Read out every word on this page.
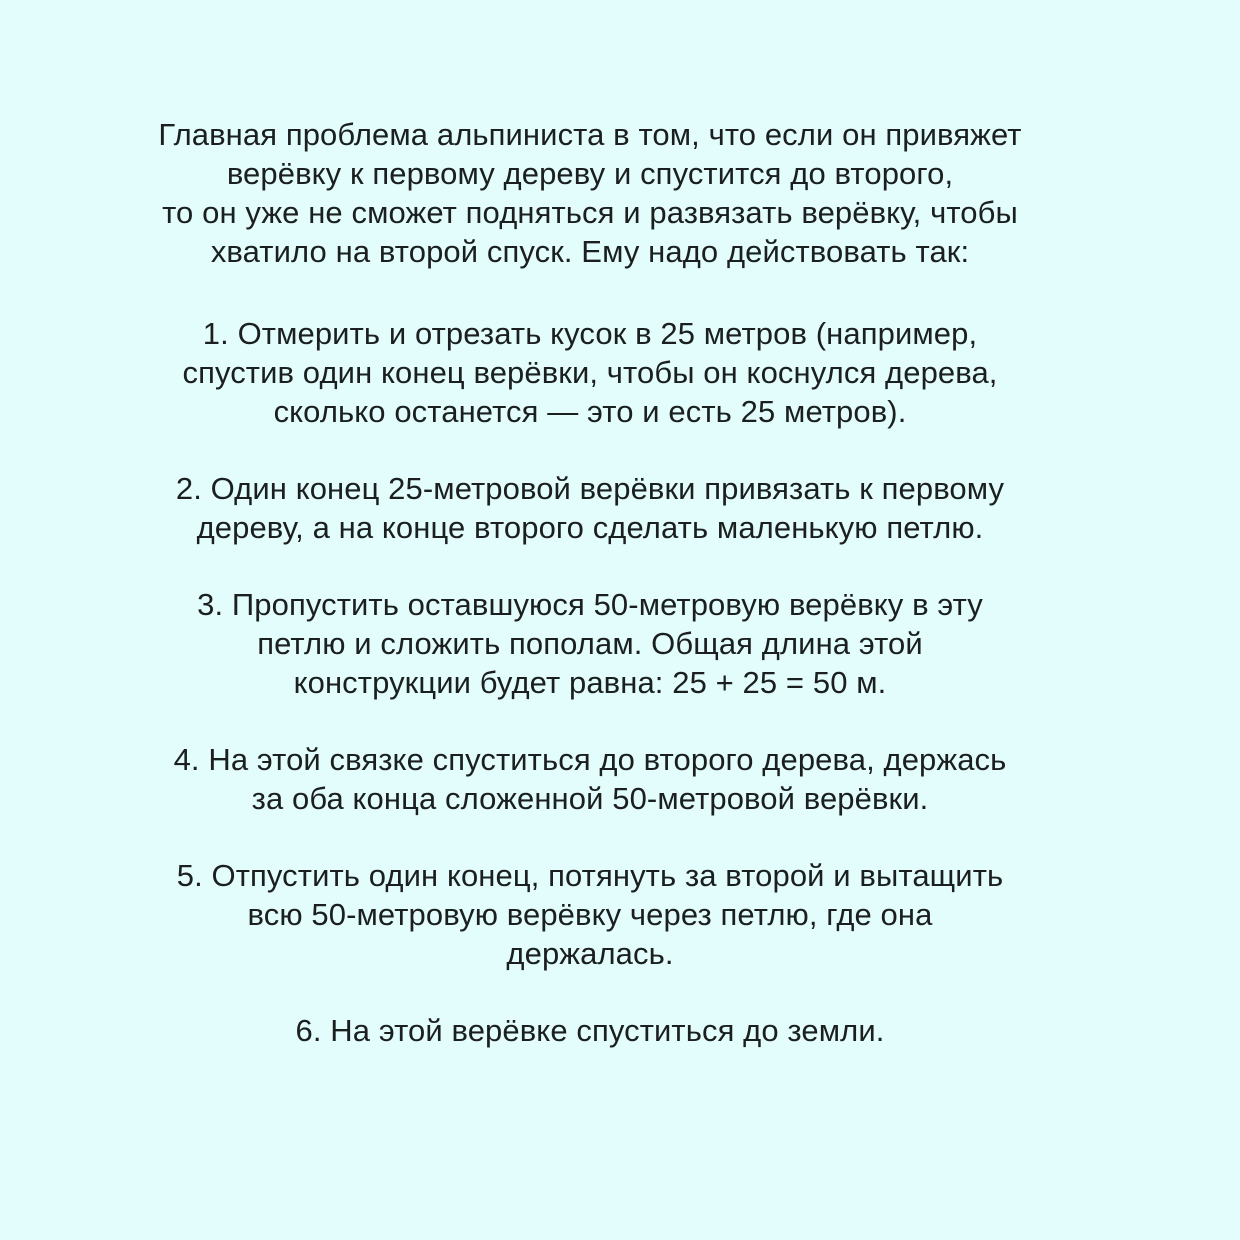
Главная проблема альпиниста в том, что если он привяжет
верёвку к первому дереву и спустится до второго,
то он уже не сможет подняться и развязать верёвку, чтобы
хватило на второй спуск. Ему надо действовать так:

1. Отмерить и отрезать кусок в 25 метров (например,
спустив один конец верёвки, чтобы он коснулся дерева,
сколько останется — это и есть 25 метров).
2. Один конец 25-метровой верёвки привязать к первому
дереву, а на конце второго сделать маленькую петлю.
3. Пропустить оставшуюся 50-метровую верёвку в эту
петлю и сложить пополам. Общая длина этой
конструкции будет равна: 25 + 25 = 50 м.
4. На этой связке спуститься до второго дерева, держась
за оба конца сложенной 50-метровой верёвки.
5. Отпустить один конец, потянуть за второй и вытащить
всю 50-метровую верёвку через петлю, где она
держалась.
6. На этой верёвке спуститься до земли.
